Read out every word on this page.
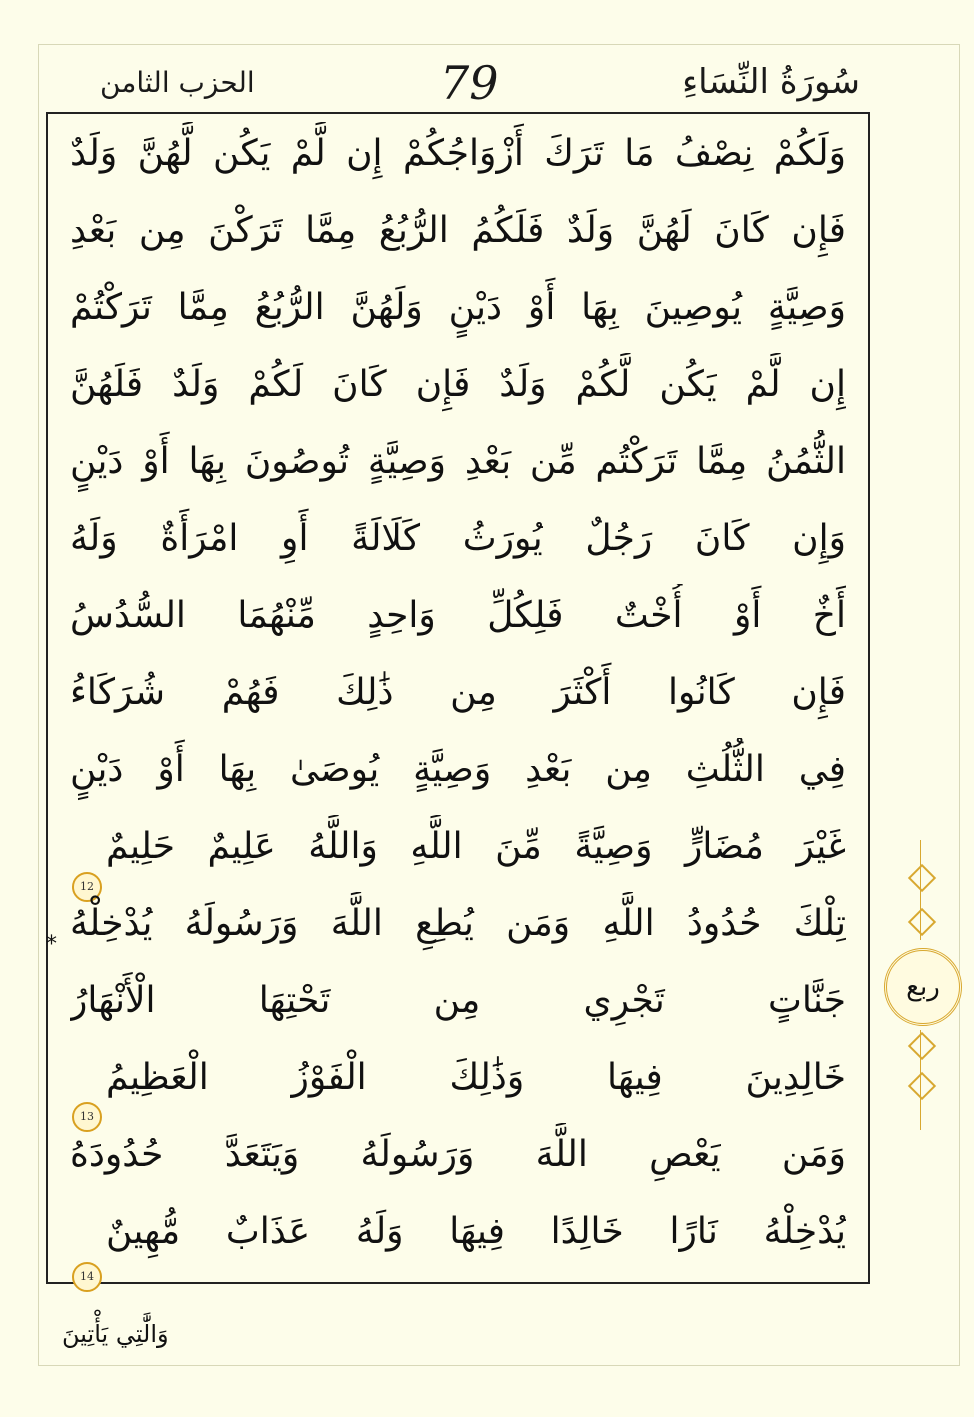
سُورَةُ النِّسَاءِ
79
الحزب الثامن
وَلَكُمْ نِصْفُ مَا تَرَكَ أَزْوَاجُكُمْ إِن لَّمْ يَكُن لَّهُنَّ وَلَدٌ
فَإِن كَانَ لَهُنَّ وَلَدٌ فَلَكُمُ الرُّبُعُ مِمَّا تَرَكْنَ مِن بَعْدِ
وَصِيَّةٍ يُوصِينَ بِهَا أَوْ دَيْنٍ وَلَهُنَّ الرُّبُعُ مِمَّا تَرَكْتُمْ
إِن لَّمْ يَكُن لَّكُمْ وَلَدٌ فَإِن كَانَ لَكُمْ وَلَدٌ فَلَهُنَّ
الثُّمُنُ مِمَّا تَرَكْتُم مِّن بَعْدِ وَصِيَّةٍ تُوصُونَ بِهَا أَوْ دَيْنٍ
وَإِن كَانَ رَجُلٌ يُورَثُ كَلَالَةً أَوِ امْرَأَةٌ وَلَهُ
أَخٌ أَوْ أُخْتٌ فَلِكُلِّ وَاحِدٍ مِّنْهُمَا السُّدُسُ
فَإِن كَانُوا أَكْثَرَ مِن ذَٰلِكَ فَهُمْ شُرَكَاءُ
فِي الثُّلُثِ مِن بَعْدِ وَصِيَّةٍ يُوصَىٰ بِهَا أَوْ دَيْنٍ
غَيْرَ مُضَارٍّ وَصِيَّةً مِّنَ اللَّهِ وَاللَّهُ عَلِيمٌ حَلِيمٌ
12
*
تِلْكَ حُدُودُ اللَّهِ وَمَن يُطِعِ اللَّهَ وَرَسُولَهُ يُدْخِلْهُ
جَنَّاتٍ تَجْرِي مِن تَحْتِهَا الْأَنْهَارُ
خَالِدِينَ فِيهَا وَذَٰلِكَ الْفَوْزُ الْعَظِيمُ
13
وَمَن يَعْصِ اللَّهَ وَرَسُولَهُ وَيَتَعَدَّ حُدُودَهُ
يُدْخِلْهُ نَارًا خَالِدًا فِيهَا وَلَهُ عَذَابٌ مُّهِينٌ
14
ربع
وَالَّٰتِي يَأْتِينَ
